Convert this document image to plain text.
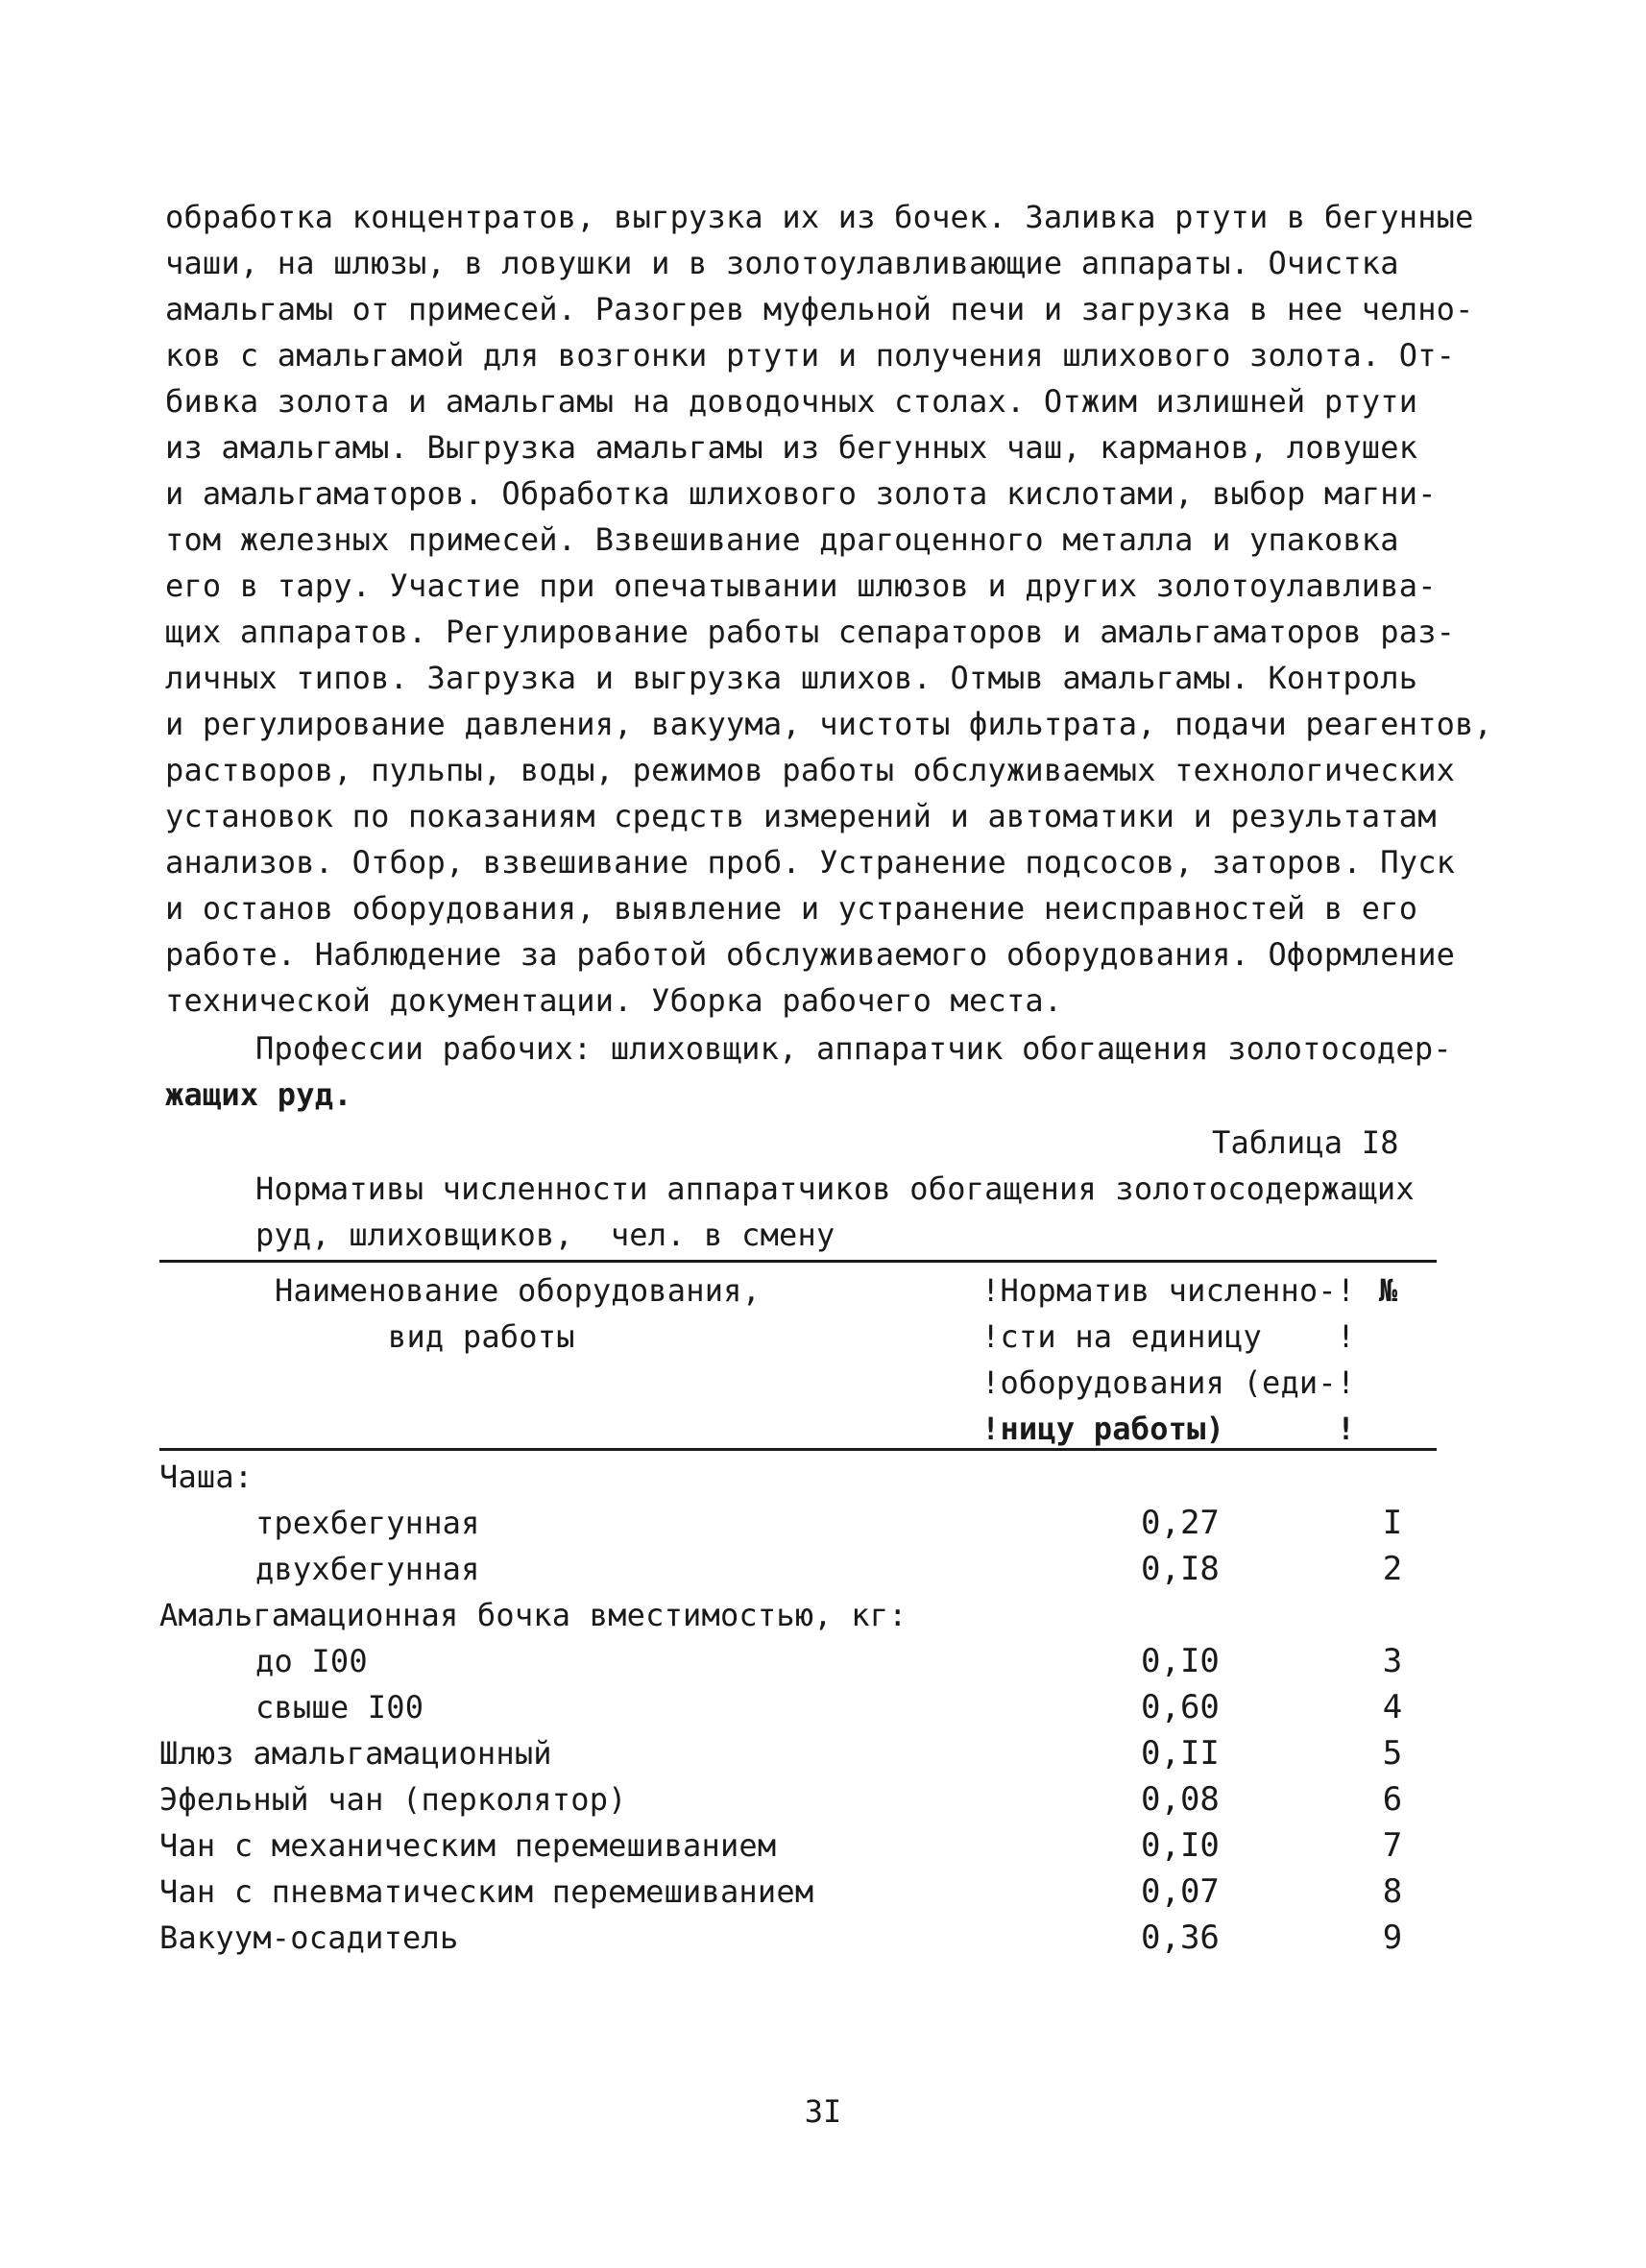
обработка концентратов, выгрузка их из бочек. Заливка ртути в бегунные
чаши, на шлюзы, в ловушки и в золотоулавливающие аппараты. Очистка
амальгамы от примесей. Разогрев муфельной печи и загрузка в нее челно-
ков с амальгамой для возгонки ртути и получения шлихового золота. От-
бивка золота и амальгамы на доводочных столах. Отжим излишней ртути
из амальгамы. Выгрузка амальгамы из бегунных чаш, карманов, ловушек
и амальгаматоров. Обработка шлихового золота кислотами, выбор магни-
том железных примесей. Взвешивание драгоценного металла и упаковка
его в тару. Участие при опечатывании шлюзов и других золотоулавлива-
щих аппаратов. Регулирование работы сепараторов и амальгаматоров раз-
личных типов. Загрузка и выгрузка шлихов. Отмыв амальгамы. Контроль
и регулирование давления, вакуума, чистоты фильтрата, подачи реагентов,
растворов, пульпы, воды, режимов работы обслуживаемых технологических
установок по показаниям средств измерений и автоматики и результатам
анализов. Отбор, взвешивание проб. Устранение подсосов, заторов. Пуск
и останов оборудования, выявление и устранение неисправностей в его
работе. Наблюдение за работой обслуживаемого оборудования. Оформление
технической документации. Уборка рабочего места.
Профессии рабочих: шлиховщик, аппаратчик обогащения золотосодер-
жащих руд.
Таблица I8
Нормативы численности аппаратчиков обогащения золотосодержащих
руд, шлиховщиков,  чел. в смену
Наименование оборудования,
вид работы
!Норматив численно-!
!сти на единицу    !
!оборудования (еди-!
!ницу работы)      !
№
Чаша:
трехбегунная	0,27	I
двухбегунная	0,I8	2
Амальгамационная бочка вместимостью, кг:
до I00	0,I0	3
свыше I00	0,60	4
Шлюз амальгамационный	0,II	5
Эфельный чан (перколятор)	0,08	6
Чан с механическим перемешиванием	0,I0	7
Чан с пневматическим перемешиванием	0,07	8
Вакуум-осадитель	0,36	9
3I
